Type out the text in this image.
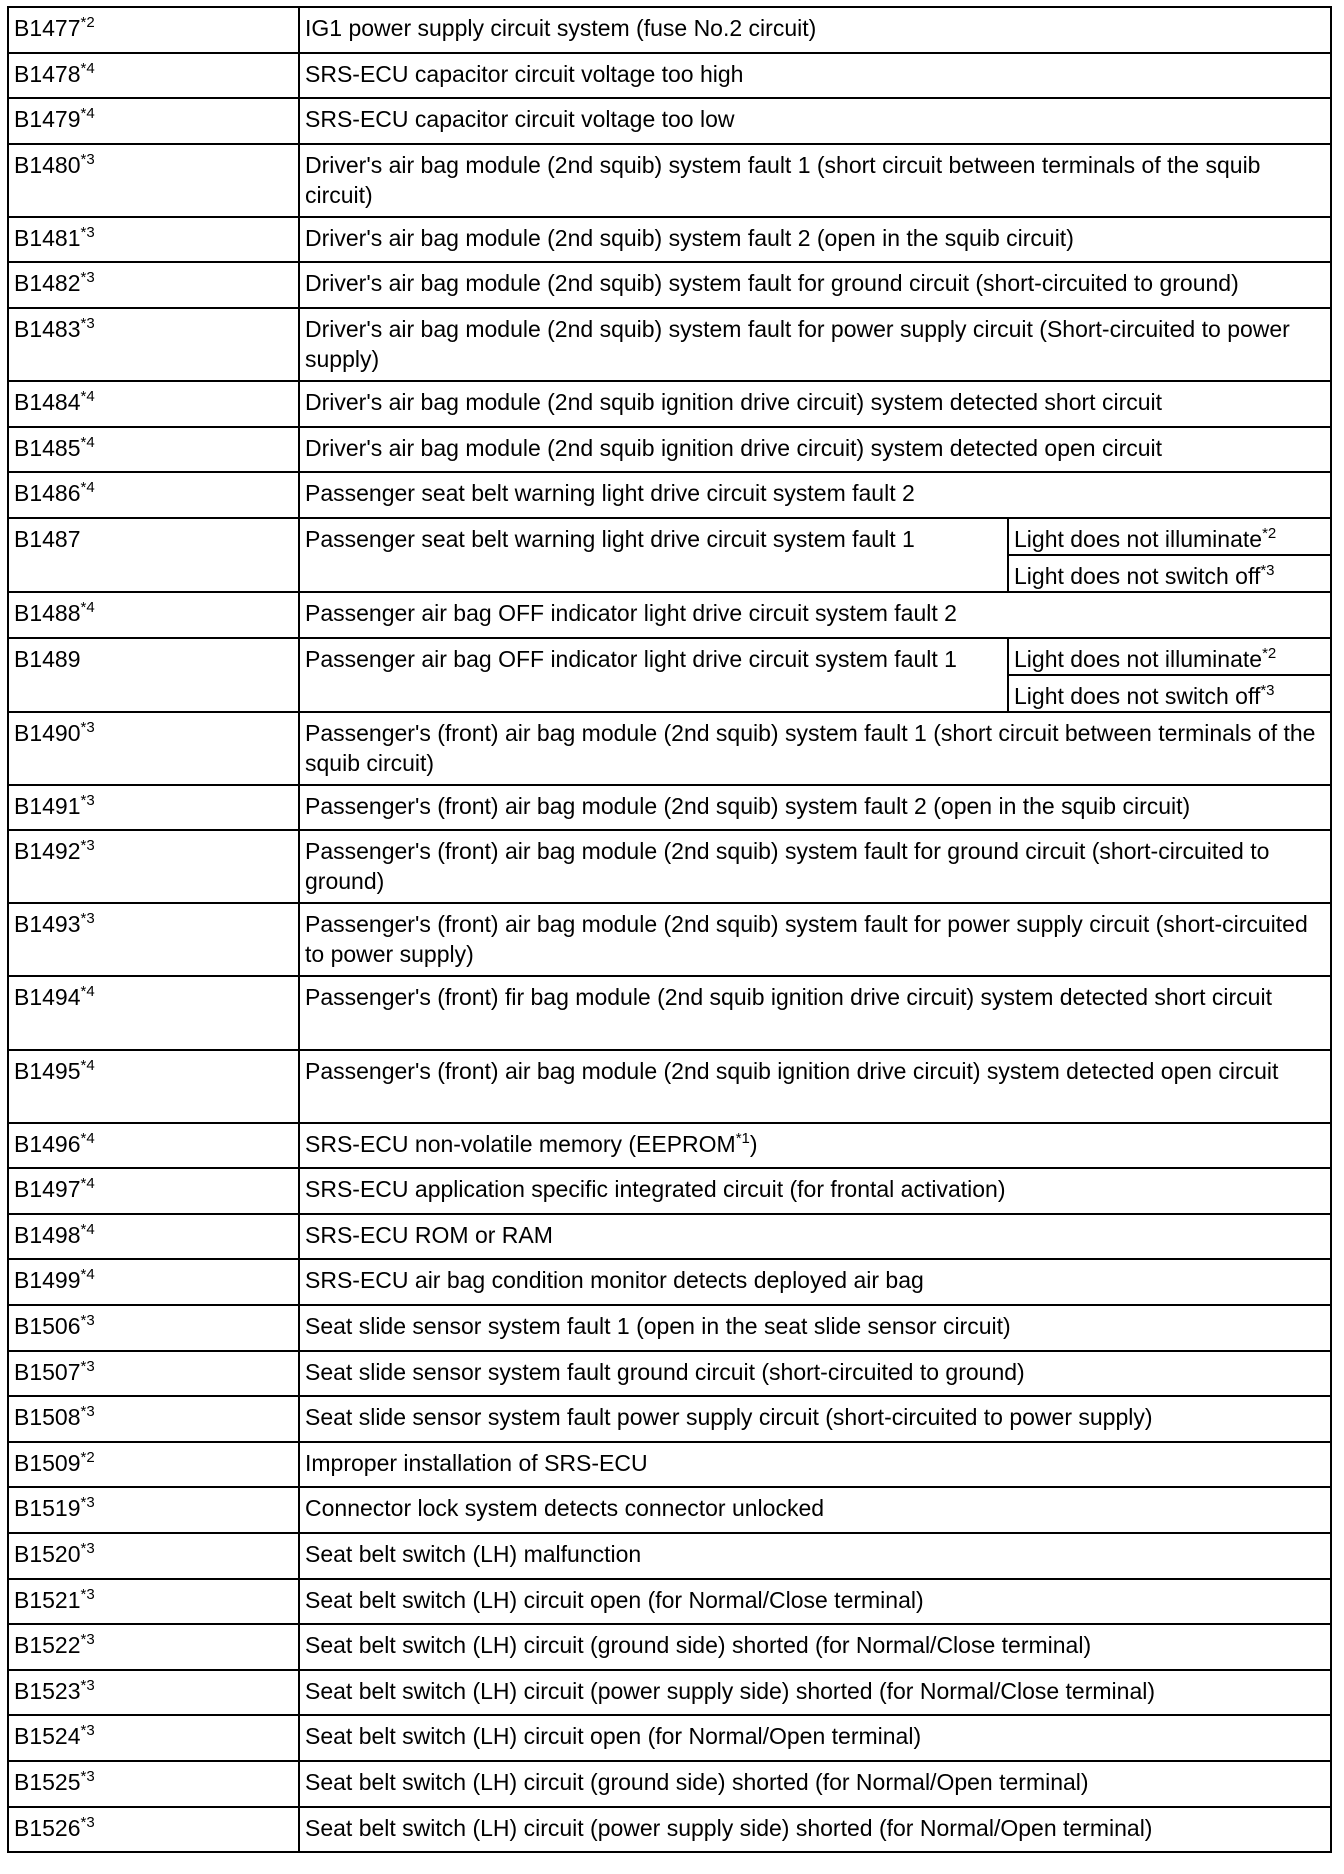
B1477$^{*2}$	IG1 power supply circuit system (fuse No.2 circuit)	
B1478$^{*4}$	SRS-ECU capacitor circuit voltage too high	
B1479$^{*4}$	SRS-ECU capacitor circuit voltage too low	
B1480$^{*3}$	Driver's air bag module (2nd squib) system fault 1 (short circuit between terminals of the squib circuit)	
B1481$^{*3}$	Driver's air bag module (2nd squib) system fault 2 (open in the squib circuit)	
B1482$^{*3}$	Driver's air bag module (2nd squib) system fault for ground circuit (short-circuited to ground)	
B1483$^{*3}$	Driver's air bag module (2nd squib) system fault for power supply circuit (Short-circuited to power supply)	
B1484$^{*4}$	Driver's air bag module (2nd squib ignition drive circuit) system detected short circuit	
B1485$^{*4}$	Driver's air bag module (2nd squib ignition drive circuit) system detected open circuit	
B1486$^{*4}$	Passenger seat belt warning light drive circuit system fault 2	
B1487	Passenger seat belt warning light drive circuit system fault 1	Light does not illuminate$^{*2}$
		Light does not switch off$^{*3}$
B1488$^{*4}$	Passenger air bag OFF indicator light drive circuit system fault 2	
B1489	Passenger air bag OFF indicator light drive circuit system fault 1	Light does not illuminate$^{*2}$
		Light does not switch off$^{*3}$
B1490$^{*3}$	Passenger's (front) air bag module (2nd squib) system fault 1 (short circuit between terminals of the squib circuit)	
B1491$^{*3}$	Passenger's (front) air bag module (2nd squib) system fault 2 (open in the squib circuit)	
B1492$^{*3}$	Passenger's (front) air bag module (2nd squib) system fault for ground circuit (short-circuited to ground)	
B1493$^{*3}$	Passenger's (front) air bag module (2nd squib) system fault for power supply circuit (short-circuited to power supply)	
B1494$^{*4}$	Passenger's (front) fir bag module (2nd squib ignition drive circuit) system detected short circuit	
B1495$^{*4}$	Passenger's (front) air bag module (2nd squib ignition drive circuit) system detected open circuit	
B1496$^{*4}$	SRS-ECU non-volatile memory (EEPROM$^{*1}$)	
B1497$^{*4}$	SRS-ECU application specific integrated circuit (for frontal activation)	
B1498$^{*4}$	SRS-ECU ROM or RAM	
B1499$^{*4}$	SRS-ECU air bag condition monitor detects deployed air bag	
B1506$^{*3}$	Seat slide sensor system fault 1 (open in the seat slide sensor circuit)	
B1507$^{*3}$	Seat slide sensor system fault ground circuit (short-circuited to ground)	
B1508$^{*3}$	Seat slide sensor system fault power supply circuit (short-circuited to power supply)	
B1509$^{*2}$	Improper installation of SRS-ECU	
B1519$^{*3}$	Connector lock system detects connector unlocked	
B1520$^{*3}$	Seat belt switch (LH) malfunction	
B1521$^{*3}$	Seat belt switch (LH) circuit open (for Normal/Close terminal)	
B1522$^{*3}$	Seat belt switch (LH) circuit (ground side) shorted (for Normal/Close terminal)	
B1523$^{*3}$	Seat belt switch (LH) circuit (power supply side) shorted (for Normal/Close terminal)	
B1524$^{*3}$	Seat belt switch (LH) circuit open (for Normal/Open terminal)	
B1525$^{*3}$	Seat belt switch (LH) circuit (ground side) shorted (for Normal/Open terminal)	
B1526$^{*3}$	Seat belt switch (LH) circuit (power supply side) shorted (for Normal/Open terminal)	
